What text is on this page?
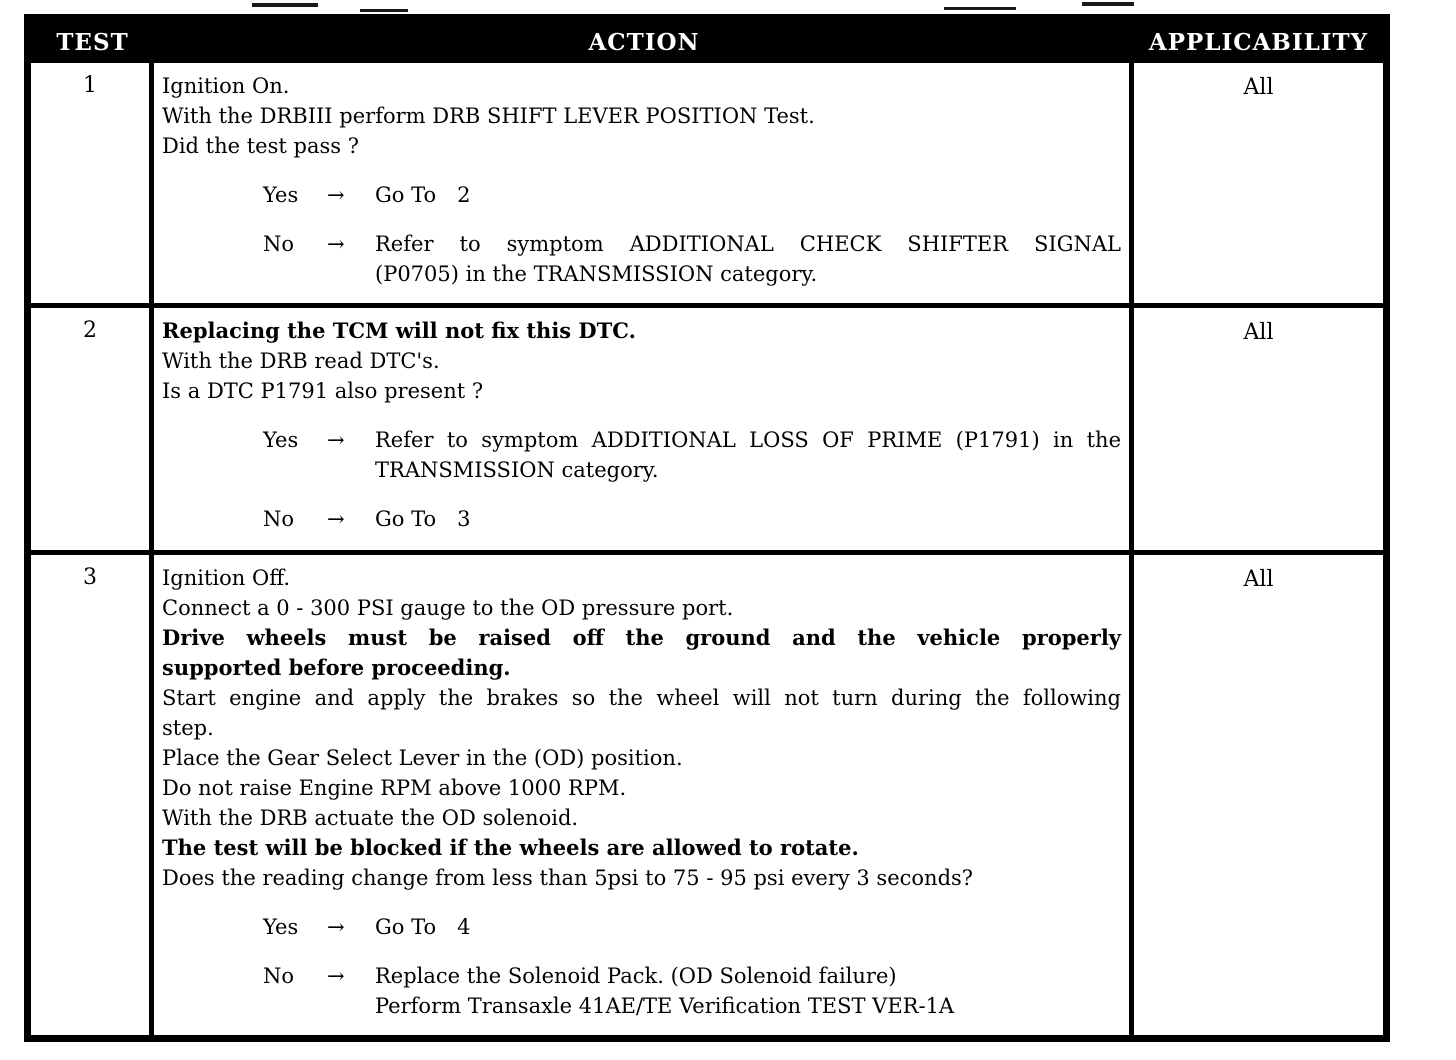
TEST	ACTION	APPLICABILITY
1	Ignition On.
With the DRBIII perform DRB SHIFT LEVER POSITION Test.
Did the test pass ?
Yes	→	Go To 2
No	→	Refer to symptom ADDITIONAL CHECK SHIFTER SIGNAL
(P0705) in the TRANSMISSION category.
All
2	Replacing the TCM will not fix this DTC.
With the DRB read DTC's.
Is a DTC P1791 also present ?
Yes	→	Refer to symptom ADDITIONAL LOSS OF PRIME (P1791) in the
TRANSMISSION category.
No	→	Go To 3
All
3	Ignition Off.
Connect a 0 - 300 PSI gauge to the OD pressure port.
Drive wheels must be raised off the ground and the vehicle properly
supported before proceeding.
Start engine and apply the brakes so the wheel will not turn during the following
step.
Place the Gear Select Lever in the (OD) position.
Do not raise Engine RPM above 1000 RPM.
With the DRB actuate the OD solenoid.
The test will be blocked if the wheels are allowed to rotate.
Does the reading change from less than 5psi to 75 - 95 psi every 3 seconds?
Yes	→	Go To 4
No	→	Replace the Solenoid Pack. (OD Solenoid failure)
Perform Transaxle 41AE/TE Verification TEST VER-1A
All
